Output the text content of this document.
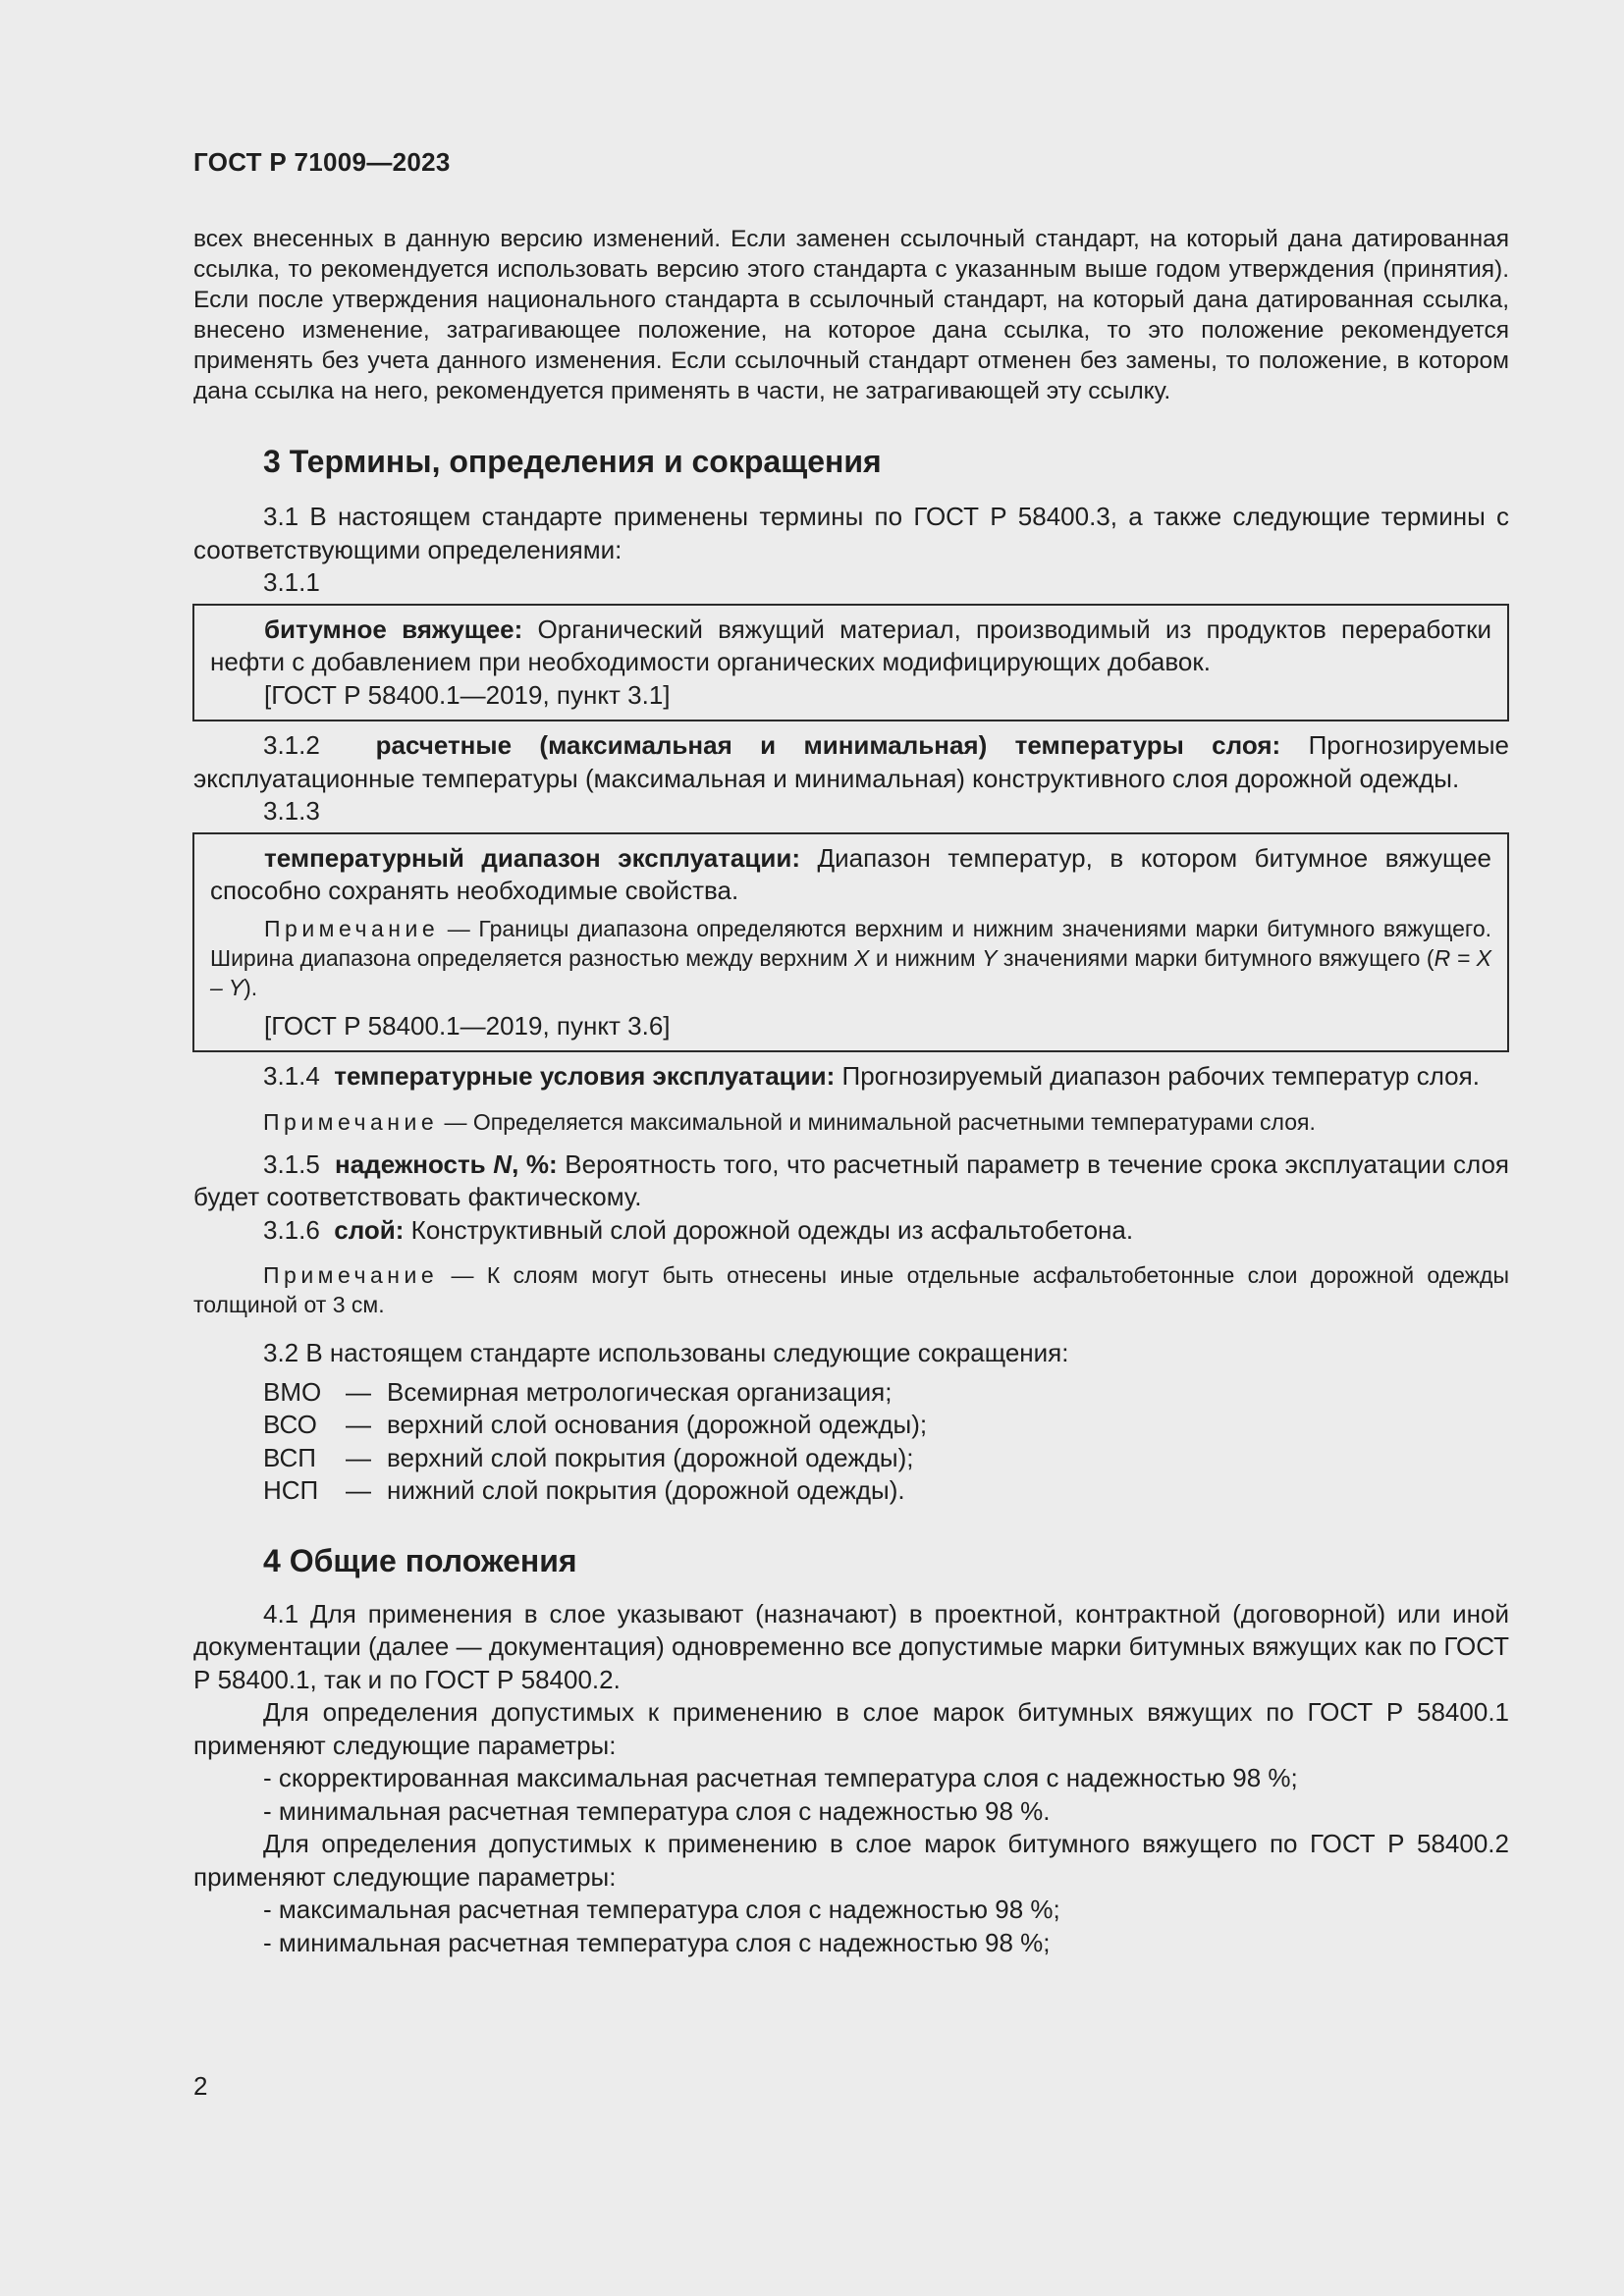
ГОСТ Р 71009—2023

всех внесенных в данную версию изменений. Если заменен ссылочный стандарт, на который дана датированная ссылка, то рекомендуется использовать версию этого стандарта с указанным выше годом утверждения (принятия). Если после утверждения национального стандарта в ссылочный стандарт, на который дана датированная ссылка, внесено изменение, затрагивающее положение, на которое дана ссылка, то это положение рекомендуется применять без учета данного изменения. Если ссылочный стандарт отменен без замены, то положение, в котором дана ссылка на него, рекомендуется применять в части, не затрагивающей эту ссылку.

3 Термины, определения и сокращения

3.1 В настоящем стандарте применены термины по ГОСТ Р 58400.3, а также следующие термины с соответствующими определениями:

3.1.1

битумное вяжущее: Органический вяжущий материал, производимый из продуктов переработки нефти с добавлением при необходимости органических модифицирующих добавок.

[ГОСТ Р 58400.1—2019, пункт 3.1]

3.1.2 расчетные (максимальная и минимальная) температуры слоя: Прогнозируемые эксплуатационные температуры (максимальная и минимальная) конструктивного слоя дорожной одежды.

3.1.3

температурный диапазон эксплуатации: Диапазон температур, в котором битумное вяжущее способно сохранять необходимые свойства.

Примечание — Границы диапазона определяются верхним и нижним значениями марки битумного вяжущего. Ширина диапазона определяется разностью между верхним X и нижним Y значениями марки битумного вяжущего (R = X – Y).

[ГОСТ Р 58400.1—2019, пункт 3.6]

3.1.4 температурные условия эксплуатации: Прогнозируемый диапазон рабочих температур слоя.

Примечание — Определяется максимальной и минимальной расчетными температурами слоя.

3.1.5 надежность N, %: Вероятность того, что расчетный параметр в течение срока эксплуатации слоя будет соответствовать фактическому.

3.1.6 слой: Конструктивный слой дорожной одежды из асфальтобетона.

Примечание — К слоям могут быть отнесены иные отдельные асфальтобетонные слои дорожной одежды толщиной от 3 см.

3.2 В настоящем стандарте использованы следующие сокращения:

ВМО — Всемирная метрологическая организация;
ВСО	— верхний слой основания (дорожной одежды);
ВСП	— верхний слой покрытия (дорожной одежды);
НСП	— нижний слой покрытия (дорожной одежды).
4 Общие положения

4.1 Для применения в слое указывают (назначают) в проектной, контрактной (договорной) или иной документации (далее — документация) одновременно все допустимые марки битумных вяжущих как по ГОСТ Р 58400.1, так и по ГОСТ Р 58400.2.

Для определения допустимых к применению в слое марок битумных вяжущих по ГОСТ Р 58400.1 применяют следующие параметры:

- скорректированная максимальная расчетная температура слоя с надежностью 98 %;

- минимальная расчетная температура слоя с надежностью 98 %.

Для определения допустимых к применению в слое марок битумного вяжущего по ГОСТ Р 58400.2 применяют следующие параметры:

- максимальная расчетная температура слоя с надежностью 98 %;

- минимальная расчетная температура слоя с надежностью 98 %;

2
